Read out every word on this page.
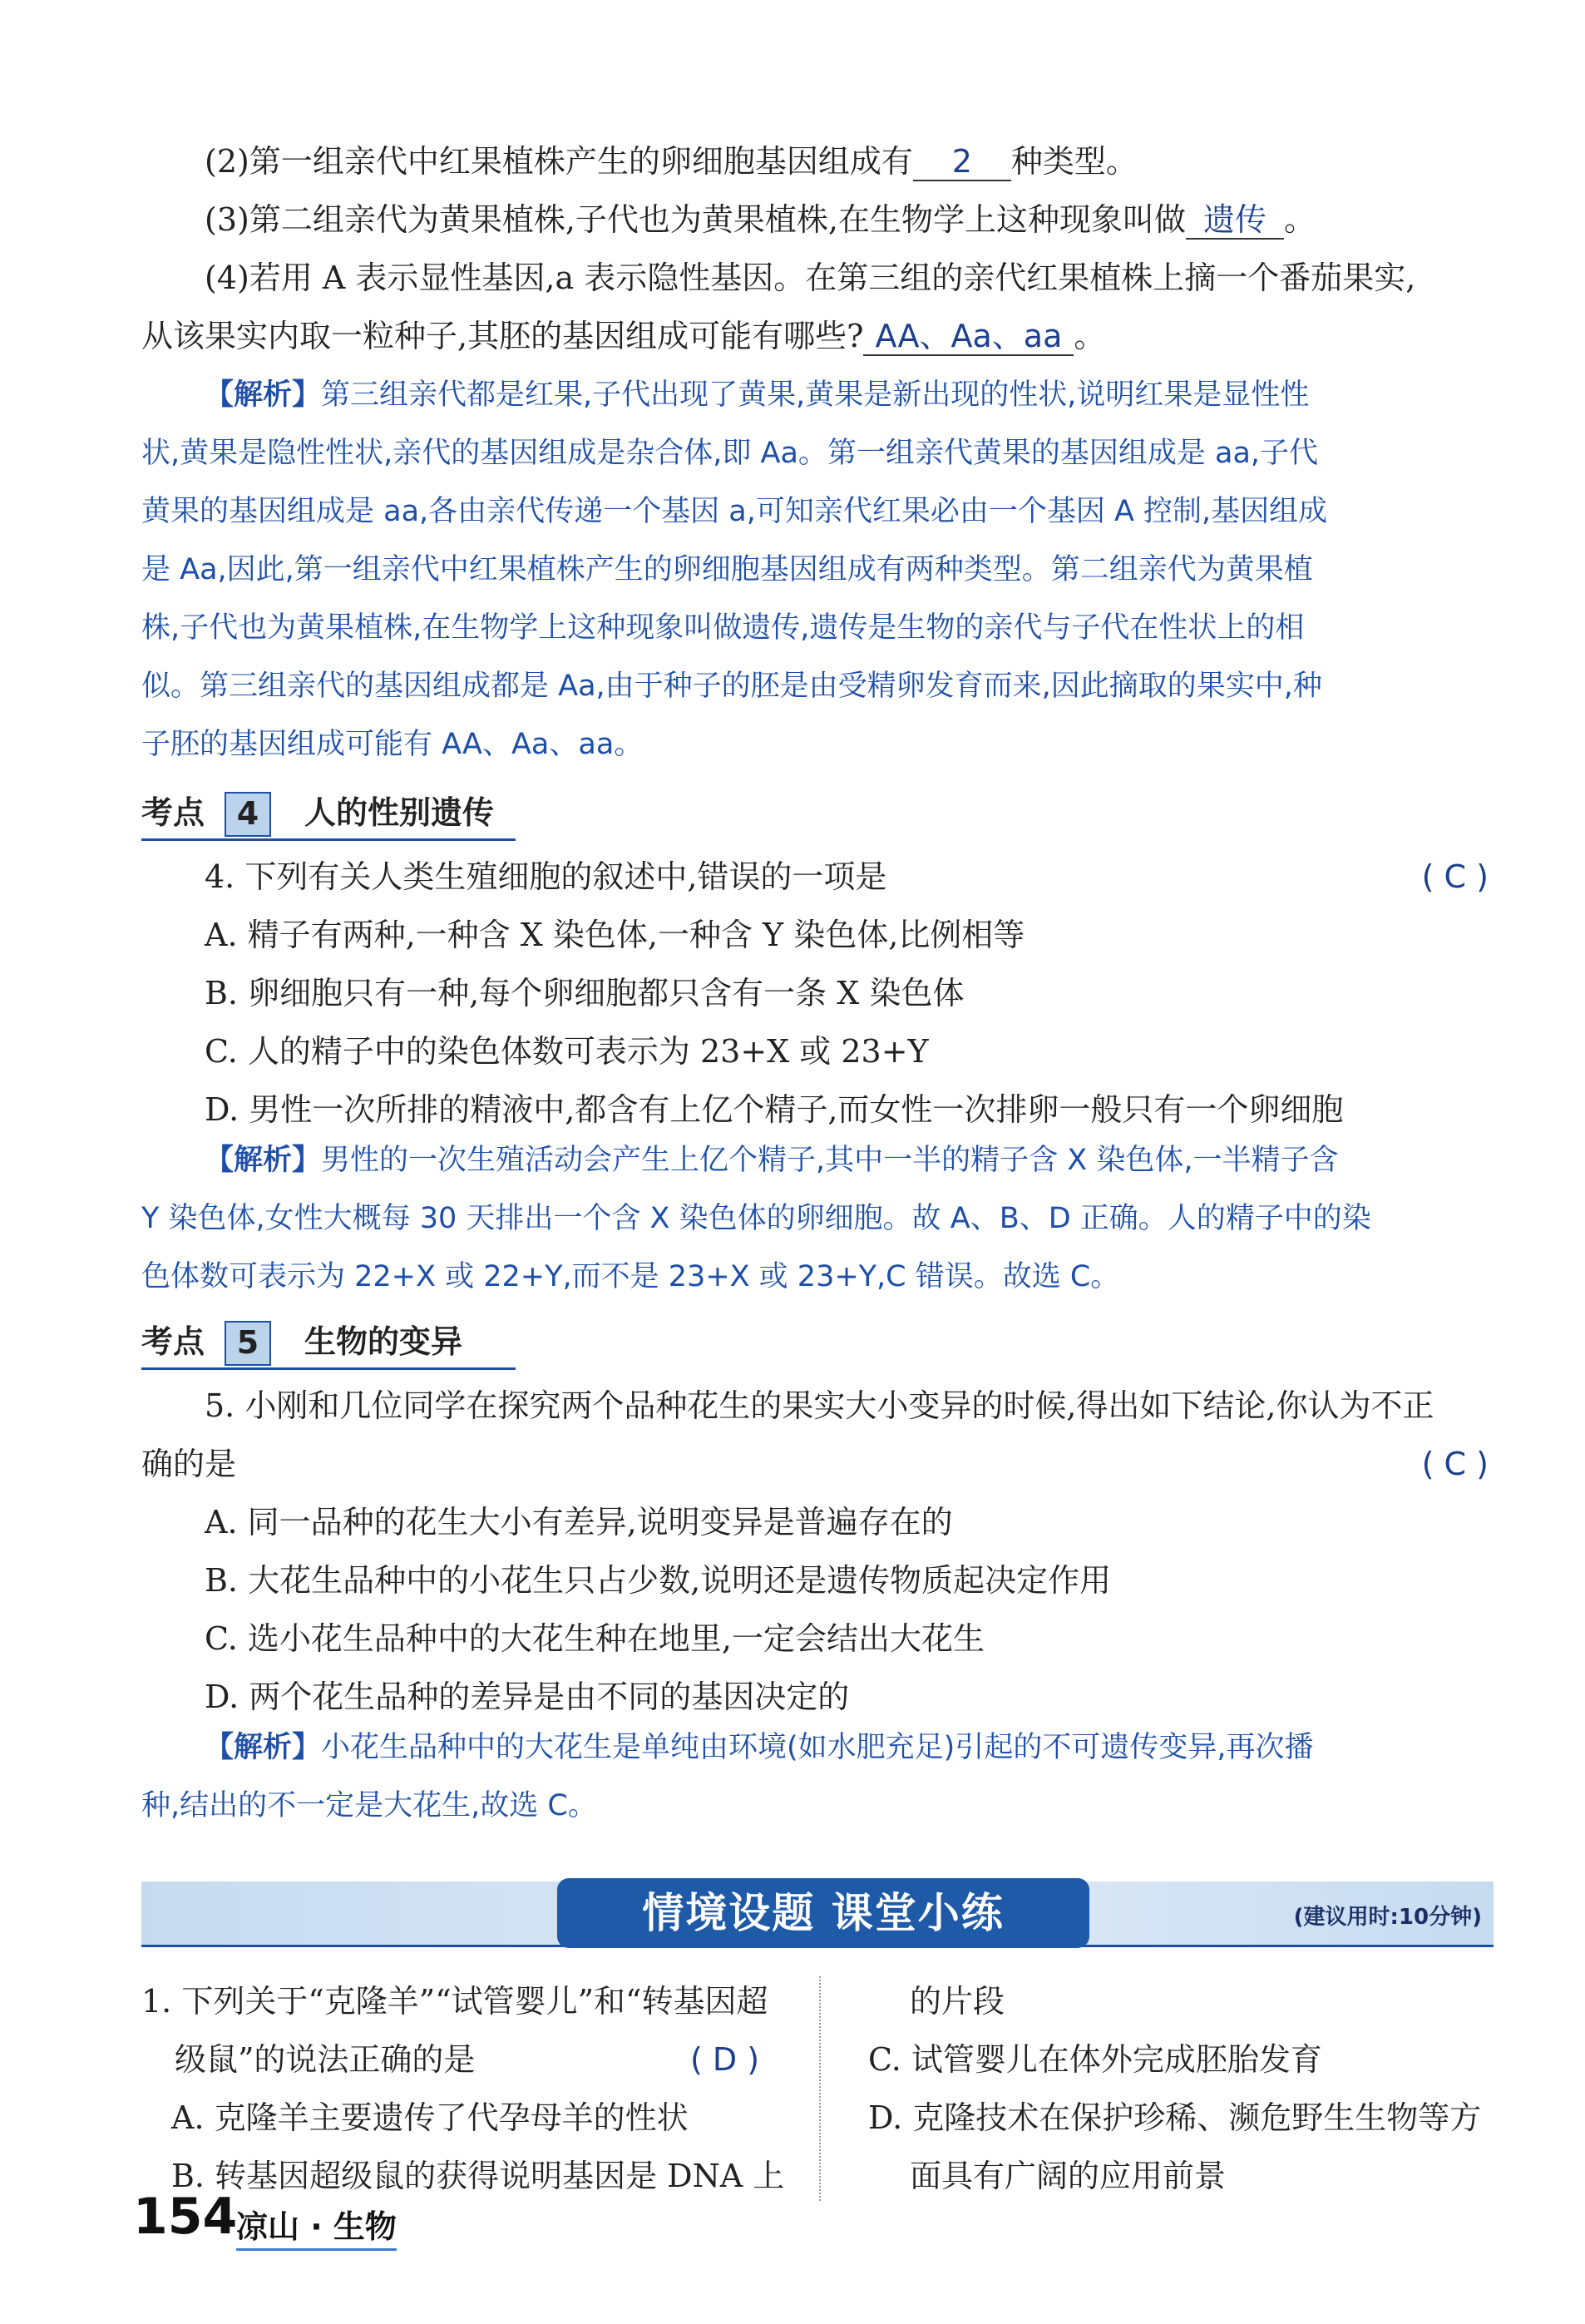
(2)第一组亲代中红果植株产生的卵细胞基因组成有 2 种类型。
(3)第二组亲代为黄果植株,子代也为黄果植株,在生物学上这种现象叫做 遗传 。
(4)若用 A 表示显性基因,a 表示隐性基因。在第三组的亲代红果植株上摘一个番茄果实,
从该果实内取一粒种子,其胚的基因组成可能有哪些? AA、Aa、aa 。
【解析】第三组亲代都是红果,子代出现了黄果,黄果是新出现的性状,说明红果是显性性
状,黄果是隐性性状,亲代的基因组成是杂合体,即 Aa。第一组亲代黄果的基因组成是 aa,子代
黄果的基因组成是 aa,各由亲代传递一个基因 a,可知亲代红果必由一个基因 A 控制,基因组成
是 Aa,因此,第一组亲代中红果植株产生的卵细胞基因组成有两种类型。第二组亲代为黄果植
株,子代也为黄果植株,在生物学上这种现象叫做遗传,遗传是生物的亲代与子代在性状上的相
似。第三组亲代的基因组成都是 Aa,由于种子的胚是由受精卵发育而来,因此摘取的果实中,种
子胚的基因组成可能有 AA、Aa、aa。
考点	4	人的性别遗传
4. 下列有关人类生殖细胞的叙述中,错误的一项是	( C )
A. 精子有两种,一种含 X 染色体,一种含 Y 染色体,比例相等
B. 卵细胞只有一种,每个卵细胞都只含有一条 X 染色体
C. 人的精子中的染色体数可表示为 23+X 或 23+Y
D. 男性一次所排的精液中,都含有上亿个精子,而女性一次排卵一般只有一个卵细胞
【解析】男性的一次生殖活动会产生上亿个精子,其中一半的精子含 X 染色体,一半精子含
Y 染色体,女性大概每 30 天排出一个含 X 染色体的卵细胞。故 A、B、D 正确。人的精子中的染
色体数可表示为 22+X 或 22+Y,而不是 23+X 或 23+Y,C 错误。故选 C。
考点	5	生物的变异
5. 小刚和几位同学在探究两个品种花生的果实大小变异的时候,得出如下结论,你认为不正
确的是	( C )
A. 同一品种的花生大小有差异,说明变异是普遍存在的
B. 大花生品种中的小花生只占少数,说明还是遗传物质起决定作用
C. 选小花生品种中的大花生种在地里,一定会结出大花生
D. 两个花生品种的差异是由不同的基因决定的
【解析】小花生品种中的大花生是单纯由环境(如水肥充足)引起的不可遗传变异,再次播
种,结出的不一定是大花生,故选 C。
情境设题 课堂小练	(建议用时:10分钟)
1. 下列关于“克隆羊”“试管婴儿”和“转基因超
级鼠”的说法正确的是	( D )
A. 克隆羊主要遗传了代孕母羊的性状
B. 转基因超级鼠的获得说明基因是 DNA 上
的片段
C. 试管婴儿在体外完成胚胎发育
D. 克隆技术在保护珍稀、濒危野生生物等方
面具有广阔的应用前景
154
凉山 · 生物
